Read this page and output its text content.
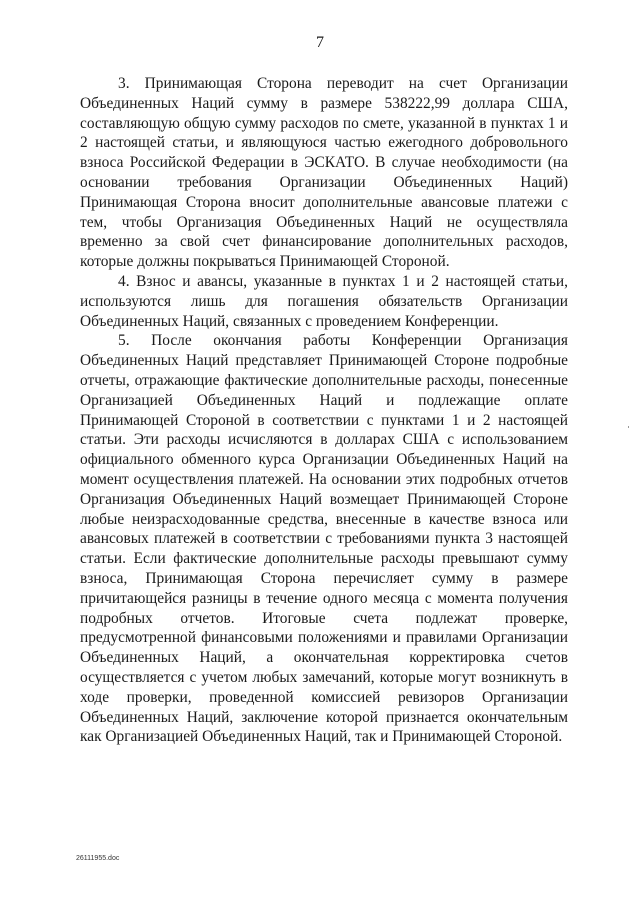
7

3. Принимающая Сторона переводит на счет Организации Объединенных Наций сумму в размере 538222,99 доллара США, составляющую общую сумму расходов по смете, указанной в пунктах 1 и 2 настоящей статьи, и являющуюся частью ежегодного добровольного взноса Российской Федерации в ЭСКАТО. В случае необходимости (на основании требования Организации Объединенных Наций) Принимающая Сторона вносит дополнительные авансовые платежи с тем, чтобы Организация Объединенных Наций не осуществляла временно за свой счет финансирование дополнительных расходов, которые должны покрываться Принимающей Стороной.

4. Взнос и авансы, указанные в пунктах 1 и 2 настоящей статьи, используются лишь для погашения обязательств Организации Объединенных Наций, связанных с проведением Конференции.

5. После окончания работы Конференции Организация Объединенных Наций представляет Принимающей Стороне подробные отчеты, отражающие фактические дополнительные расходы, понесенные Организацией Объединенных Наций и подлежащие оплате Принимающей Стороной в соответствии с пунктами 1 и 2 настоящей статьи. Эти расходы исчисляются в долларах США с использованием официального обменного курса Организации Объединенных Наций на момент осуществления платежей. На основании этих подробных отчетов Организация Объединенных Наций возмещает Принимающей Стороне любые неизрасходованные средства, внесенные в качестве взноса или авансовых платежей в соответствии с требованиями пункта 3 настоящей статьи. Если фактические дополнительные расходы превышают сумму взноса, Принимающая Сторона перечисляет сумму в размере причитающейся разницы в течение одного месяца с момента получения подробных отчетов. Итоговые счета подлежат проверке, предусмотренной финансовыми положениями и правилами Организации Объединенных Наций, а окончательная корректировка счетов осуществляется с учетом любых замечаний, которые могут возникнуть в ходе проверки, проведенной комиссией ревизоров Организации Объединенных Наций, заключение которой признается окончательным как Организацией Объединенных Наций, так и Принимающей Стороной.

26111955.doc
